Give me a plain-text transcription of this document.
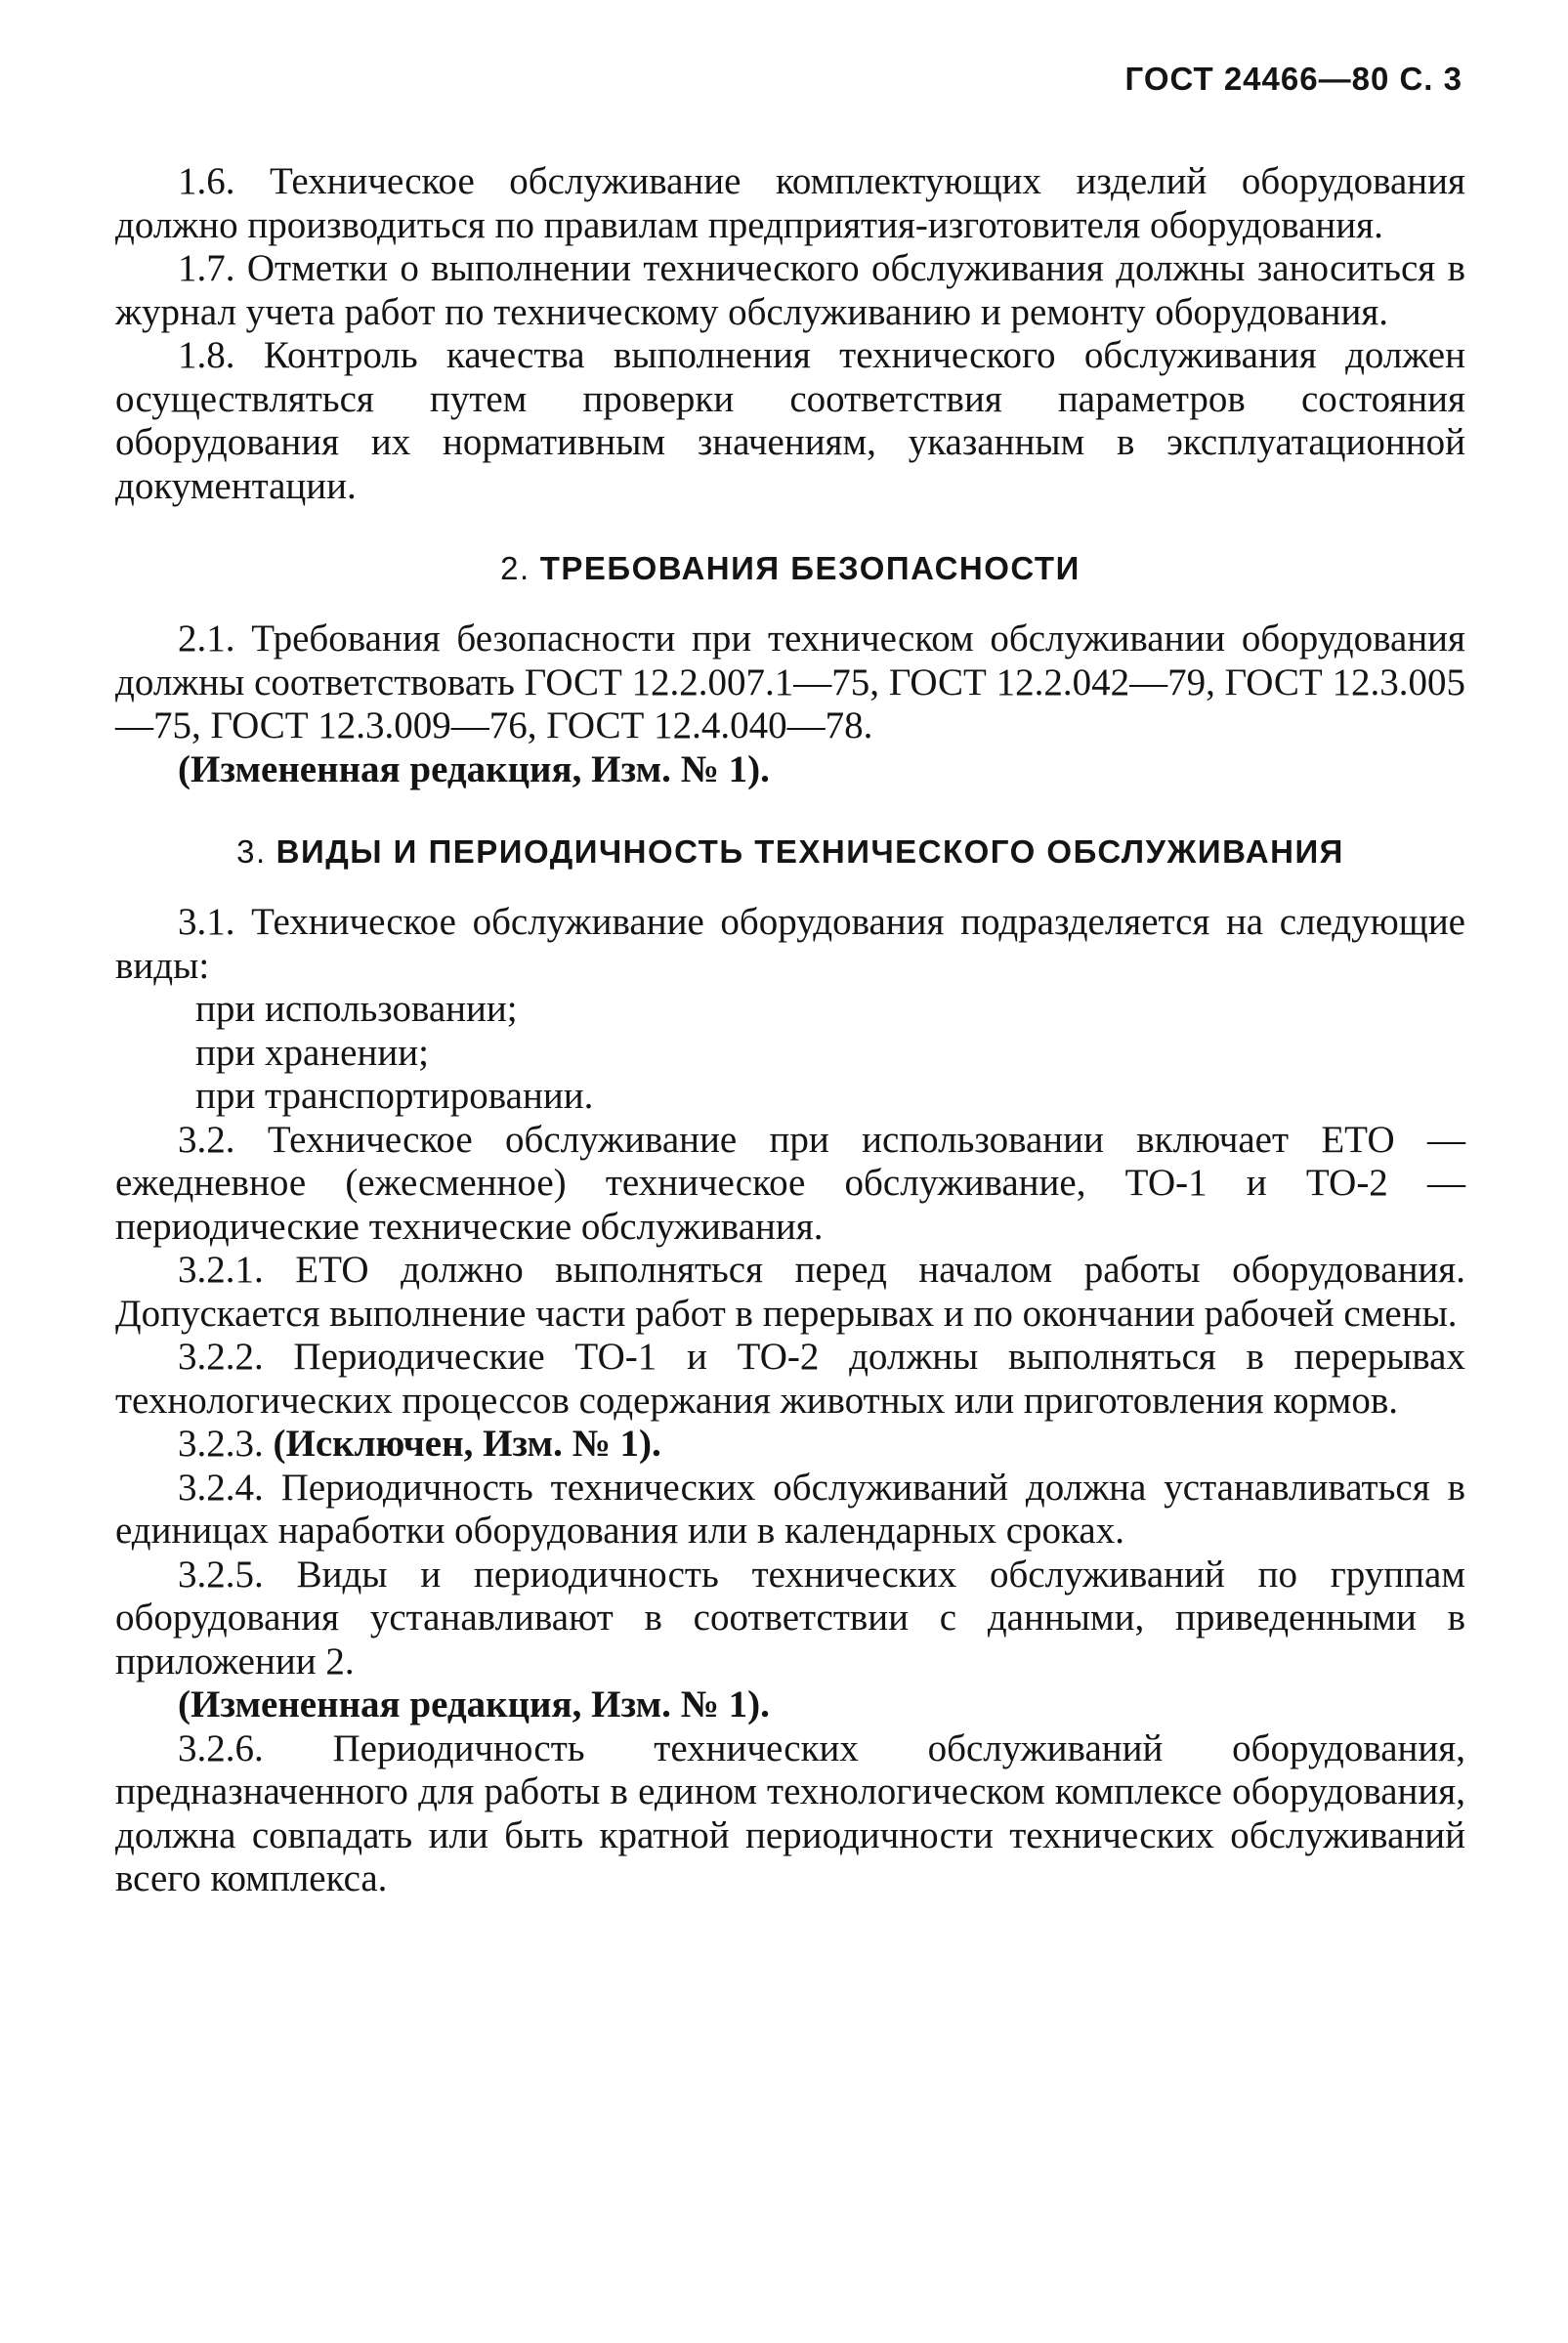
ГОСТ 24466—80 С. 3

1.6. Техническое обслуживание комплектующих изделий оборудования должно производиться по правилам предприятия-изготовителя оборудования.

1.7. Отметки о выполнении технического обслуживания должны заноситься в журнал учета работ по техническому обслуживанию и ремонту оборудования.

1.8. Контроль качества выполнения технического обслуживания должен осуществляться путем проверки соответствия параметров состояния оборудования их нормативным значениям, указанным в эксплуатационной документации.

2. ТРЕБОВАНИЯ БЕЗОПАСНОСТИ

2.1. Требования безопасности при техническом обслуживании оборудования должны соответствовать ГОСТ 12.2.007.1—75, ГОСТ 12.2.042—79, ГОСТ 12.3.005—75, ГОСТ 12.3.009—76, ГОСТ 12.4.040—78.

(Измененная редакция, Изм. № 1).

3. ВИДЫ И ПЕРИОДИЧНОСТЬ ТЕХНИЧЕСКОГО ОБСЛУЖИВАНИЯ

3.1. Техническое обслуживание оборудования подразделяется на следующие виды:

при использовании;

при хранении;

при транспортировании.

3.2. Техническое обслуживание при использовании включает ЕТО — ежедневное (ежесменное) техническое обслуживание, ТО-1 и ТО-2 — периодические технические обслуживания.

3.2.1. ЕТО должно выполняться перед началом работы оборудования. Допускается выполнение части работ в перерывах и по окончании рабочей смены.

3.2.2. Периодические ТО-1 и ТО-2 должны выполняться в перерывах технологических процессов содержания животных или приготовления кормов.

3.2.3. (Исключен, Изм. № 1).

3.2.4. Периодичность технических обслуживаний должна устанавливаться в единицах наработки оборудования или в календарных сроках.

3.2.5. Виды и периодичность технических обслуживаний по группам оборудования устанавливают в соответствии с данными, приведенными в приложении 2.

(Измененная редакция, Изм. № 1).

3.2.6. Периодичность технических обслуживаний оборудования, предназначенного для работы в едином технологическом комплексе оборудования, должна совпадать или быть кратной периодичности технических обслуживаний всего комплекса.
